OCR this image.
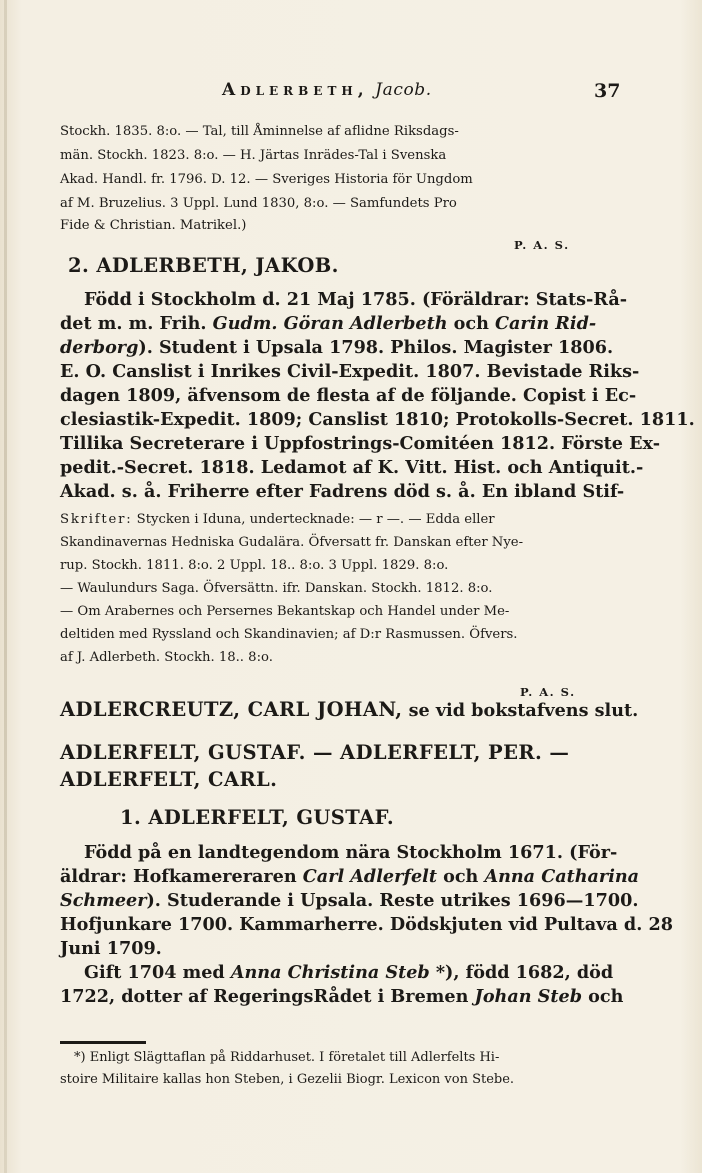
Adlerbeth, Jacob.	37
Stockh. 1835. 8:o. — Tal, till Åminnelse af aflidne Riksdags-
män. Stockh. 1823. 8:o. — H. Järtas Inrädes-Tal i Svenska
Akad. Handl. fr. 1796. D. 12. — Sveriges Historia för Ungdom
af M. Bruzelius. 3 Uppl. Lund 1830, 8:o. — Samfundets Pro
Fide & Christian. Matrikel.)
P. A. S.
2. ADLERBETH, JAKOB.
Född i Stockholm d. 21 Maj 1785. (Föräldrar: Stats-Rå-
det m. m. Frih. Gudm. Göran Adlerbeth och Carin Rid-
derborg). Student i Upsala 1798. Philos. Magister 1806.
E. O. Canslist i Inrikes Civil-Expedit. 1807. Bevistade Riks-
dagen 1809, äfvensom de flesta af de följande. Copist i Ec-
clesiastik-Expedit. 1809; Canslist 1810; Protokolls-Secret. 1811.
Tillika Secreterare i Uppfostrings-Comitéen 1812. Förste Ex-
pedit.-Secret. 1818. Ledamot af K. Vitt. Hist. och Antiquit.-
Akad. s. å. Friherre efter Fadrens död s. å. En ibland Stif-
Skrifter: Stycken i Iduna, undertecknade: — r —. — Edda eller
Skandinavernas Hedniska Gudalära. Öfversatt fr. Danskan efter Nye-
rup. Stockh. 1811. 8:o. 2 Uppl. 18.. 8:o. 3 Uppl. 1829. 8:o.
— Waulundurs Saga. Öfversättn. ifr. Danskan. Stockh. 1812. 8:o.
— Om Arabernes och Persernes Bekantskap och Handel under Me-
deltiden med Ryssland och Skandinavien; af D:r Rasmussen. Öfvers.
af J. Adlerbeth. Stockh. 18.. 8:o.
P. A. S.
ADLERCREUTZ, CARL JOHAN, se vid bokstafvens slut.
ADLERFELT, GUSTAF. — ADLERFELT, PER. —
ADLERFELT, CARL.
1. ADLERFELT, GUSTAF.
Född på en landtegendom nära Stockholm 1671. (För-
äldrar: Hofkamereraren Carl Adlerfelt och Anna Catharina
Schmeer). Studerande i Upsala. Reste utrikes 1696—1700.
Hofjunkare 1700. Kammarherre. Dödskjuten vid Pultava d. 28
Juni 1709.
Gift 1704 med Anna Christina Steb *), född 1682, död
1722, dotter af RegeringsRådet i Bremen Johan Steb och
*) Enligt Slägttaflan på Riddarhuset. I företalet till Adlerfelts Hi-
stoire Militaire kallas hon Steben, i Gezelii Biogr. Lexicon von Stebe.
